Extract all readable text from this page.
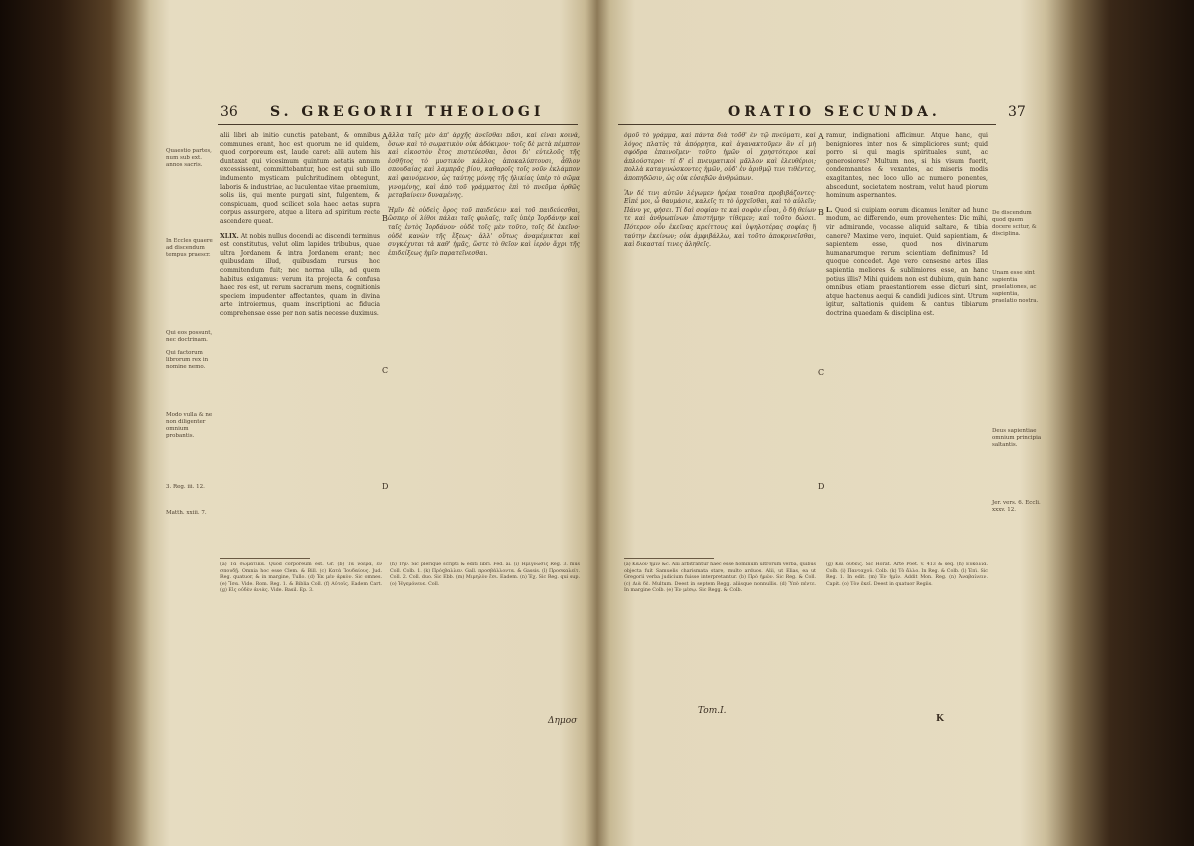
36 S. GREGORII THEOLOGI

alii libri ab initio cunctis patebant, & omnibus communes erant, hoc est quorum ne id quidem, quod corporeum est, laude caret: alii autem his duntaxat qui vicesimum quintum aetatis annum excessissent, committebantur, hoc est qui sub illo indumento mysticam pulchritudinem obtegunt, laboris & industriae, ac luculentae vitae praemium, solis iis, qui mente purgati sint, fulgentem, & conspicuam, quod scilicet sola haec aetas supra corpus assurgere, atque a litera ad spiritum recte ascendere queat.

XLIX. At nobis nullus docendi ac discendi terminus est constitutus, velut olim lapides tribubus, quae ultra Jordanem & intra Jordanem erant; nec quibusdam illud, quibusdam rursus hoc commitendum fuit; nec norma ulla, ad quem habitus exigamus: verum ita projecta & confusa haec res est, ut rerum sacrarum mens, cognitionis speciem impudenter affectantes, quam in divina arte introiermus, quam inscriptioni ac fiducia comprehensae esse per non satis necesse duximus.

ἄλλα ταῖς μὲν ἀπ' ἀρχῆς ἀνεῖσθαι πᾶσι, καὶ εἶναι κοινὰ, ὅσων καὶ τὸ σωματικὸν οὐκ ἀδόκιμον· τοῖς δὲ μετὰ πέμπτον καὶ εἰκοστὸν ἔτος πιστεύεσθαι, ὅσοι δι' εὐτελοῦς τῆς ἐσθῆτος τὸ μυστικὸν κάλλος ἀποκαλύπτουσι, ἆθλον σπουδαίας καὶ λαμπρᾶς βίου, καθαροῖς τοῖς νοῦν ἐκλάμπον καὶ φαινόμενον, ὡς ταύτης μόνης τῆς ἡλικίας ὑπὲρ τὸ σῶμα γινομένης, καὶ ἀπὸ τοῦ γράμματος ἐπὶ τὸ πνεῦμα ὀρθῶς μεταβαίνειν δυναμένης.

Ἡμῖν δὲ οὐδεὶς ὅρος τοῦ παιδεύειν καὶ τοῦ παιδεύεσθαι, ὥσπερ οἱ λίθοι πάλαι ταῖς φυλαῖς, ταῖς ὑπὲρ Ἰορδάνην καὶ ταῖς ἐντὸς Ἰορδάνου· οὐδὲ τοῖς μὲν τοῦτο, τοῖς δὲ ἐκεῖνο· οὐδὲ κανὼν τῆς ἕξεως· ἀλλ' οὕτως ἀναμέμικται καὶ συγκέχυται τὰ καθ' ἡμᾶς, ὥστε τὸ θεῖον καὶ ἱερὸν ἄχρι τῆς ἐπιδείξεως ἡμῖν παρατεῖνεσθαι.

Quaestio partes, num sub ext. annos sacris.
In Eccles quaere ad discendum tempus praescr.
Qui eos possunt, nec doctrinam.
Qui factorum librorum rex in nomine nemo.
Modo vulla & ne non diligenter omnium probantis.
3. Reg. iii. 12.
Matth. xxiii. 7.
A
B
C
D
(a) Τὰ σωματικά. Quod corporeum est. Gr. (b) Τὰ νοερά, ἐν σπουδῇ. Omnia hoc esse Clem. & Bill. (c) Κατὰ Ἰουδαίους. Jud. Reg. quatuor, & in margine, Tullo. (d) Ἐκ μὲν ἀρκὸν. Sic omnes. (e) Ἴσα. Vide. Rom. Reg. 1. & Biblia Coll. (f) Αὐτοῖς. Eadem Cart. (g) Εἰς οὐδὲν ἀνιὰς. Vide. Basil. Ep. 3.
(h) Τὴν. Sic plerique scripti & editi libri. Fed. ai. (i) Ἡμιγνώσις Reg. 3. mus Coll. Colb. 1. (k) Πρόςβαλλεν. Gall. προσβάλλοντα. & Gassis. (l) Προσκαλείτ. Coll. 2. Coll. duo. Sic Ebb. (m) Μιμηλὸν ἔσι. Eadem. (n) Ἐχ. Sic Reg. qui sup. (o) Ἡγεμόνευε. Coll.
Δημοσ
ORATIO SECUNDA.	37

ὁμοῦ τὸ γράμμα, καὶ πάντα διὰ τοῦθ' ἐν τῷ πνεύματι, καὶ λόγος πλατὺς τὰ ἀπόρρητα, καὶ ἀγανακτοῦμεν ἂν εἰ μὴ σφόδρα ἐπαινοῖμεν· τοῦτο ἡμῶν οἱ χρηστότεροι καὶ ἁπλούστεροι· τί δ' εἰ πνευματικοὶ μᾶλλον καὶ ἐλευθέριοι; πολλὰ καταγινώσκοντες ἡμῶν, οὐδ' ἐν ἀριθμῷ τινι τιθέντες, ἀποπηδῶσιν, ὡς οὐκ εὐσεβῶν ἀνθρώπων.

Ἂν δέ τινι αὐτῶν λέγωμεν ἠρέμα τοιαῦτα προβιβάζοντες· Εἰπέ μοι, ὦ θαυμάσιε, καλεῖς τι τὸ ὀρχεῖσθαι, καὶ τὸ αὐλεῖν; Πάνυ γε, φήσει. Τί δαὶ σοφίαν τε καὶ σοφὸν εἶναι, ὃ δὴ θείων τε καὶ ἀνθρωπίνων ἐπιστήμην τίθεμεν; καὶ τοῦτο δώσει. Πότερον οὖν ἐκεῖνας κρείττους καὶ ὑψηλοτέρας σοφίας ἢ ταύτην ἐκείνων; οὐκ ἀμφιβάλλω, καὶ τοῦτο ἀποκρινεῖσθαι, καὶ δικασταί τινες ἀληθεῖς.

ramur, indignationi afficimur. Atque hanc, qui benigniores inter nos & simpliciores sunt; quid porro si qui magis spirituales sunt, ac generosiores? Multum nos, si his visum fuerit, condemnantes & vexantes, ac miseris modis exagitantes, nec loco ullo ac numero ponentes, abscedunt, societatem nostram, velut haud piorum hominum aspernantes.

L. Quod si cuipiam eorum dicamus leniter ad hunc modum, ac differendo, eum provehentes: Dic mihi, vir admirande, vocasse aliquid saltare, & tibia canere? Maxime vero, inquiet. Quid sapientiam, & sapientem esse, quod nos divinarum humanarumque rerum scientiam definimus? Id quoque concedet. Age vero censesne artes illas sapientia meliores & sublimiores esse, an hanc potius illis? Mihi quidem non est dubium, quin hanc omnibus etiam praestantiorem esse dicturi sint, atque hactenus aequi & candidi judices sint. Utrum igitur, saltationis quidem & cantus tibiarum doctrina quaedam & disciplina est.

De discendum quod quem docere scitur, & disciplina.
Unam esse sint sapientia praelationes, ac sapientia, praelatio nostra.
Deus sapientiae omnium principia saltantis.
Jer. vers. 6. Eccli. xxxv. 12.
A
B
C
D
(a) Καλὸν ἡμῖν &c. Alii arbitrantur haec esse hominum ultrorum verba, quibus objecta fuit Samuelis charismata stare, multo arduos. Alii, ut Elias, ea ut Gregorii verba judicium fuisse interpretantur. (b) Πρὸ ἡμῶν. Sic Reg. & Coll. (c) Διὰ δὲ. Multum. Deest in septem Regg. aliisque nonnullis. (d) Ὑπὸ πέντε. In margine Colb. (e) Ἐν μέσῳ. Sic Regg. & Colb.
(g) Καὶ οὐδεὶς. Sic Horat. Arte Poet. v. 413 & seq. (h) Εὐκολία. Colb. (i) Πανταχοῦ. Colb. (k) Τὸ ἄλλο. In Reg. & Colb. (l) Ἐπὶ. Sic Reg. 1. In edit. (m) Ἐν ἡμῖν. Addit Mon. Reg. (n) Ἀναβαίνειν. Capit. (o) Τὸν ἐκεῖ. Deest in quatuor Regiis.
Tom.I.
K
